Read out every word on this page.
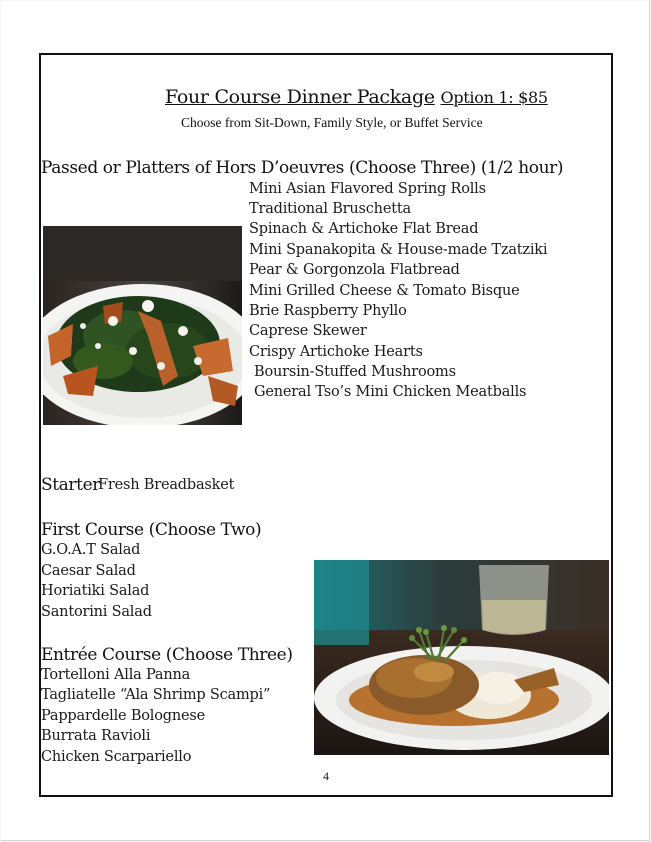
Four Course Dinner Package Option 1: $85
Choose from Sit-Down, Family Style, or Buffet Service
Passed or Platters of Hors D’oeuvres (Choose Three) (1/2 hour)
Mini Asian Flavored Spring Rolls
Traditional Bruschetta
Spinach & Artichoke Flat Bread
Mini Spanakopita & House-made Tzatziki
Pear & Gorgonzola Flatbread
Mini Grilled Cheese & Tomato Bisque
Brie Raspberry Phyllo
Caprese Skewer
Crispy Artichoke Hearts
Boursin-Stuffed Mushrooms
General Tso’s Mini Chicken Meatballs
Starter
Fresh Breadbasket
First Course (Choose Two)
G.O.A.T Salad
Caesar Salad
Horiatiki Salad
Santorini Salad
Entrée Course (Choose Three)
Tortelloni Alla Panna
Tagliatelle “Ala Shrimp Scampi”
Pappardelle Bolognese
Burrata Ravioli
Chicken Scarpariello
4
